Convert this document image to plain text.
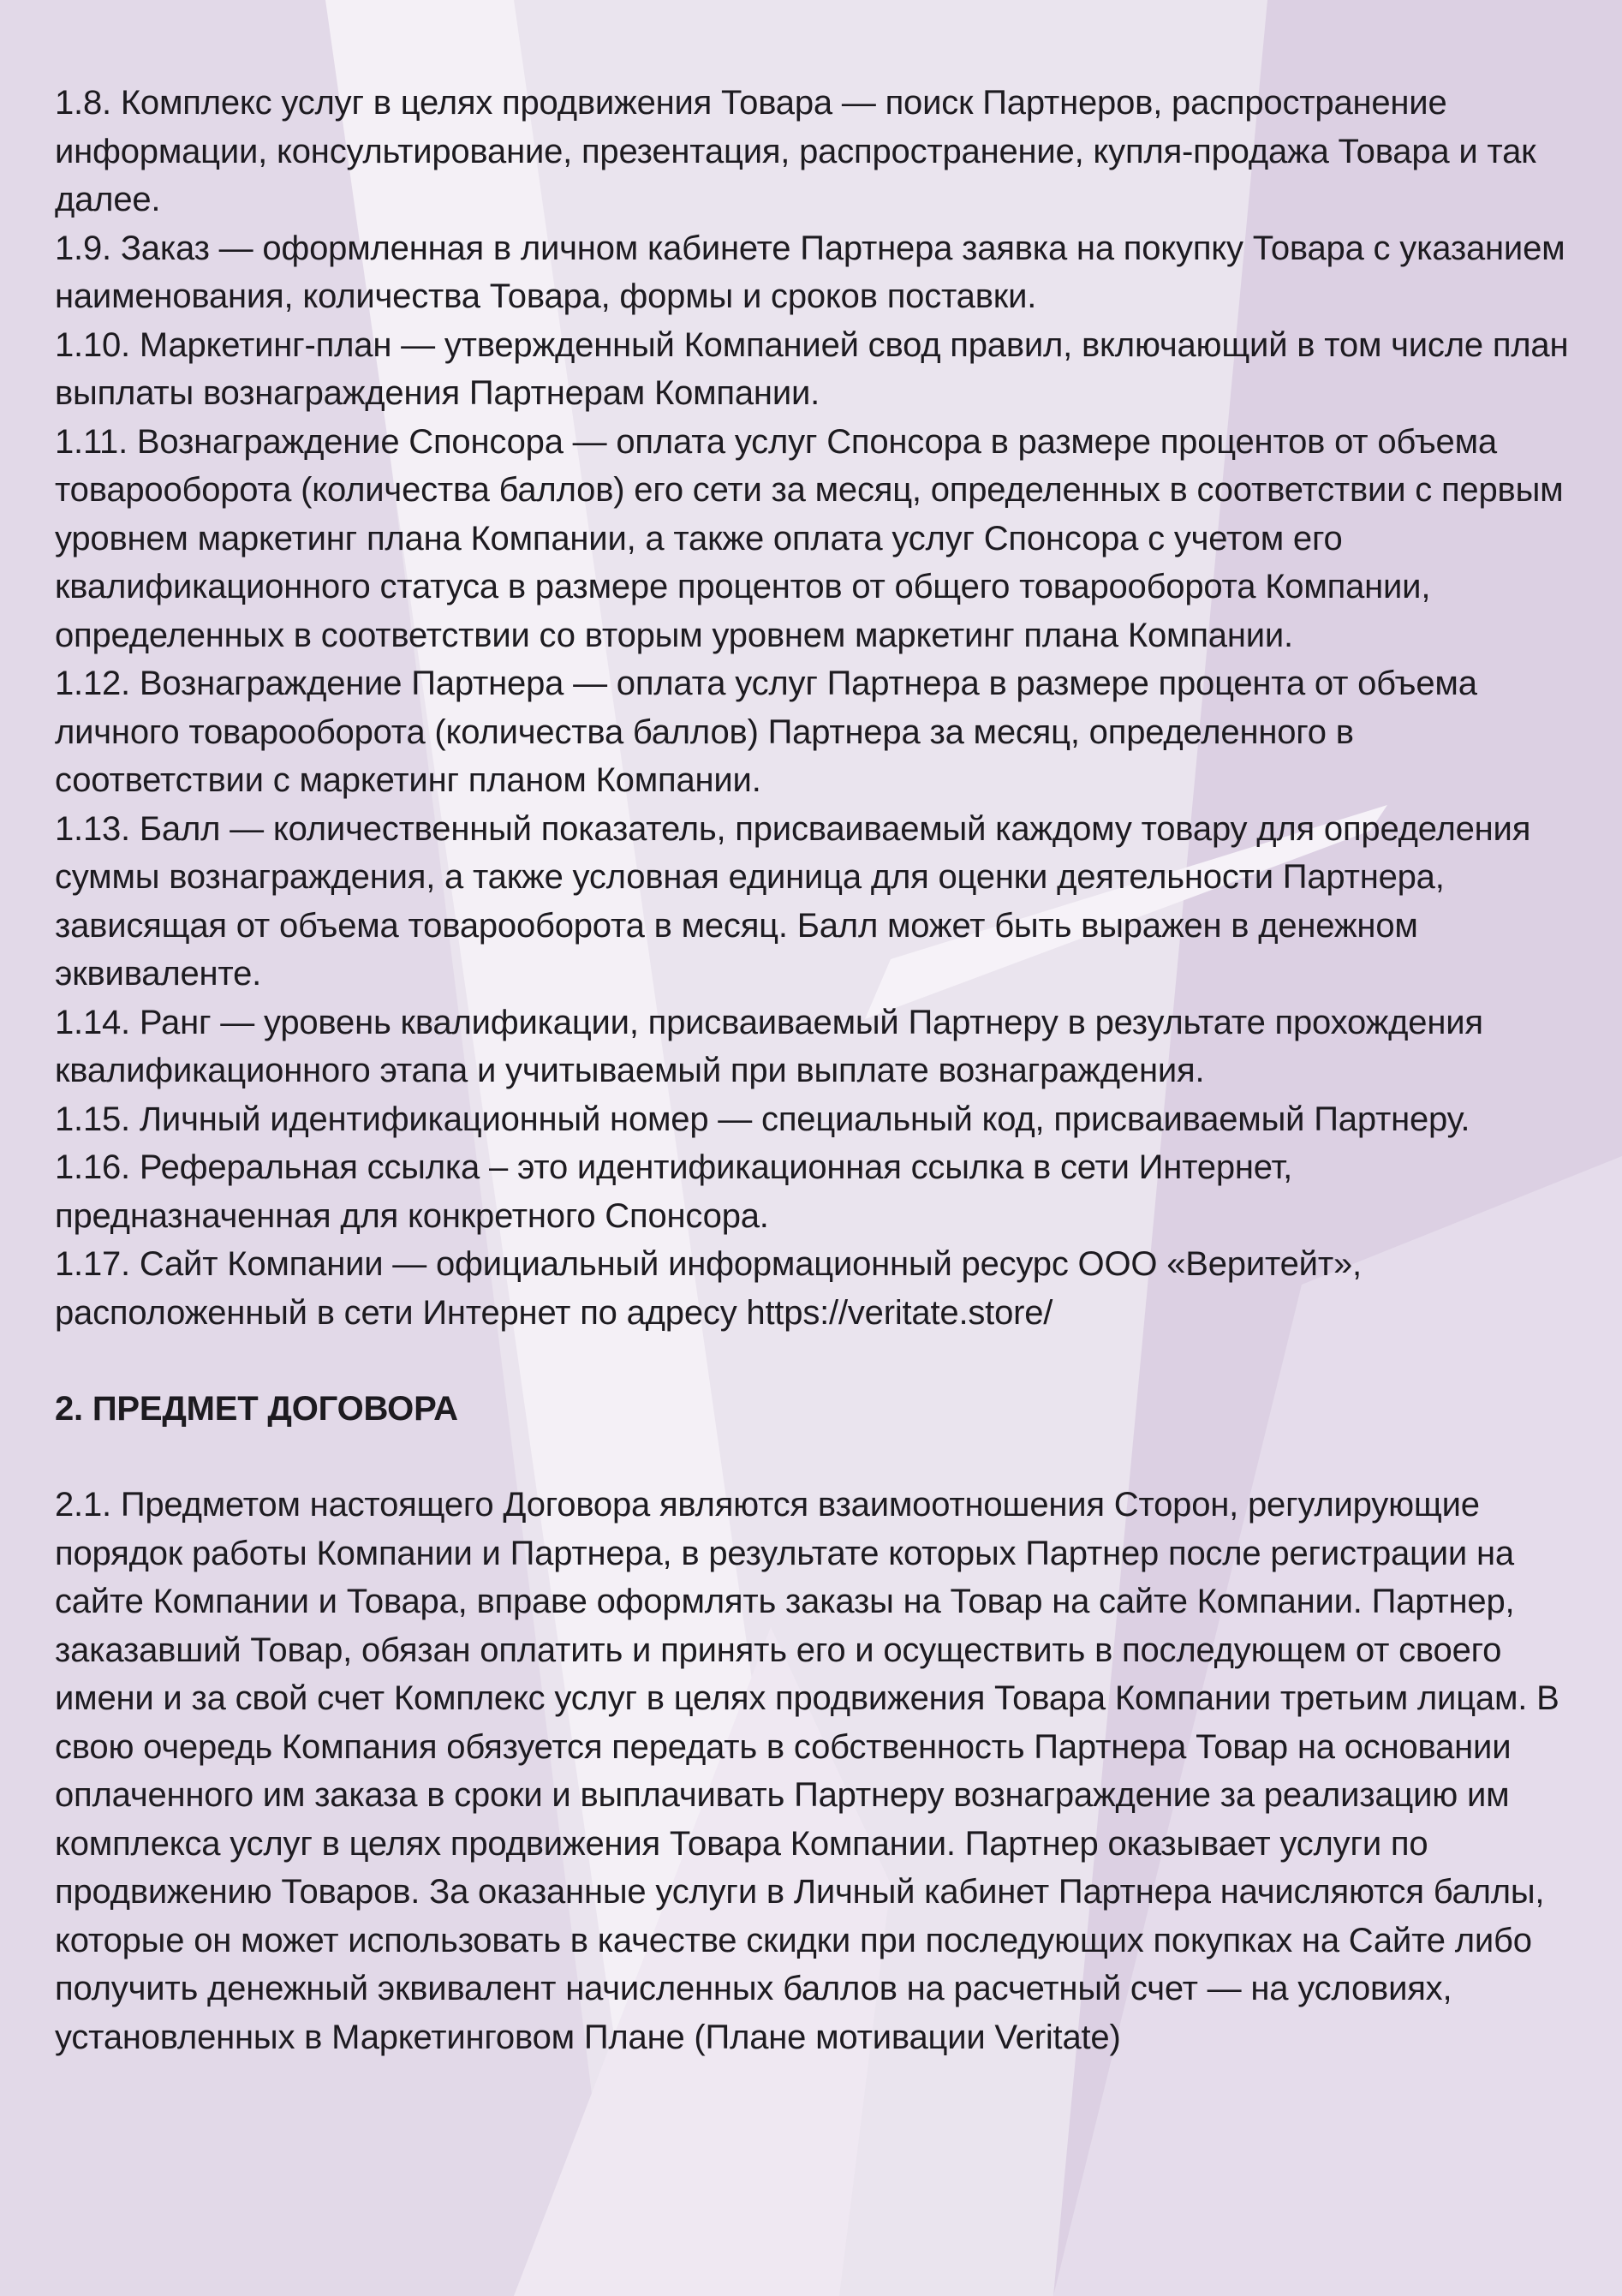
1.8. Комплекс услуг в целях продвижения Товара — поиск Партнеров, распространение информации, консультирование, презентация, распространение, купля-продажа Товара и так далее.

1.9. Заказ — оформленная в личном кабинете Партнера заявка на покупку Товара с указанием наименования, количества Товара, формы и сроков поставки.

1.10. Маркетинг-план — утвержденный Компанией свод правил, включающий в том числе план выплаты вознаграждения Партнерам Компании.

1.11. Вознаграждение Спонсора — оплата услуг Спонсора в размере процентов от объема товарооборота (количества баллов) его сети за месяц, определенных в соответствии с первым уровнем маркетинг плана Компании, а также оплата услуг Спонсора с учетом его квалификационного статуса в размере процентов от общего товарооборота Компании, определенных в соответствии со вторым уровнем маркетинг плана Компании.

1.12. Вознаграждение Партнера — оплата услуг Партнера в размере процента от объема личного товарооборота (количества баллов) Партнера за месяц, определенного в соответствии с маркетинг планом Компании.

1.13. Балл — количественный показатель, присваиваемый каждому товару для определения суммы вознаграждения, а также условная единица для оценки деятельности Партнера, зависящая от объема товарооборота в месяц. Балл может быть выражен в денежном эквиваленте.

1.14. Ранг — уровень квалификации, присваиваемый Партнеру в результате прохождения квалификационного этапа и учитываемый при выплате вознаграждения.

1.15. Личный идентификационный номер — специальный код, присваиваемый Партнеру.

1.16. Реферальная ссылка – это идентификационная ссылка в сети Интернет, предназначенная для конкретного Спонсора.

1.17. Сайт Компании — официальный информационный ресурс ООО «Веритейт», расположенный в сети Интернет по адресу https://veritate.store/

2. ПРЕДМЕТ ДОГОВОРА

2.1. Предметом настоящего Договора являются взаимоотношения Сторон, регулирующие порядок работы Компании и Партнера, в результате которых Партнер после регистрации на сайте Компании и Товара, вправе оформлять заказы на Товар на сайте Компании. Партнер, заказавший Товар, обязан оплатить и принять его и осуществить в последующем от своего имени и за свой счет Комплекс услуг в целях продвижения Товара Компании третьим лицам. В свою очередь Компания обязуется передать в собственность Партнера Товар на основании оплаченного им заказа в сроки и выплачивать Партнеру вознаграждение за реализацию им комплекса услуг в целях продвижения Товара Компании. Партнер оказывает услуги по продвижению Товаров. За оказанные услуги в Личный кабинет Партнера начисляются баллы, которые он может использовать в качестве скидки при последующих покупках на Сайте либо получить денежный эквивалент начисленных баллов на расчетный счет — на условиях, установленных в Маркетинговом Плане (Плане мотивации Veritate)
